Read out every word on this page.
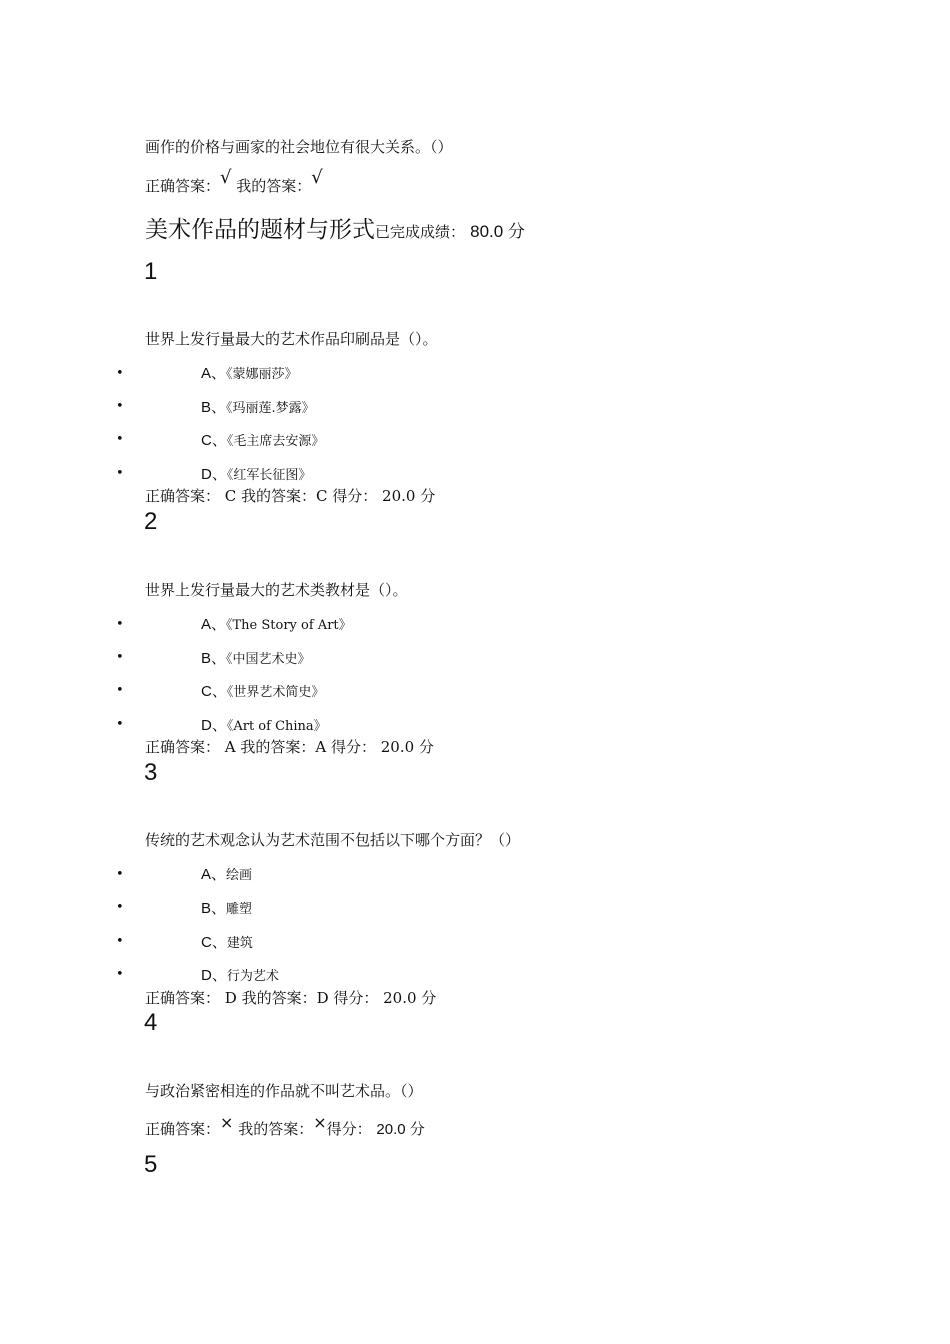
画作的价格与画家的社会地位有很大关系。（）
正确答案：√ 我的答案：√
美术作品的题材与形式已完成成绩： 80.0 分
1
世界上发行量最大的艺术作品印刷品是（）。
•	A、《蒙娜丽莎》
•	B、《玛丽莲.梦露》
•	C、《毛主席去安源》
•	D、《红军长征图》
正确答案： C 我的答案：C 得分： 20.0 分
2
世界上发行量最大的艺术类教材是（）。
•	A、《The Story of Art》
•	B、《中国艺术史》
•	C、《世界艺术简史》
•	D、《Art of China》
正确答案： A 我的答案：A 得分： 20.0 分
3
传统的艺术观念认为艺术范围不包括以下哪个方面？（）
•	A、绘画
•	B、雕塑
•	C、建筑
•	D、行为艺术
正确答案： D 我的答案：D 得分： 20.0 分
4
与政治紧密相连的作品就不叫艺术品。（）
正确答案：× 我的答案：×得分： 20.0 分
5
